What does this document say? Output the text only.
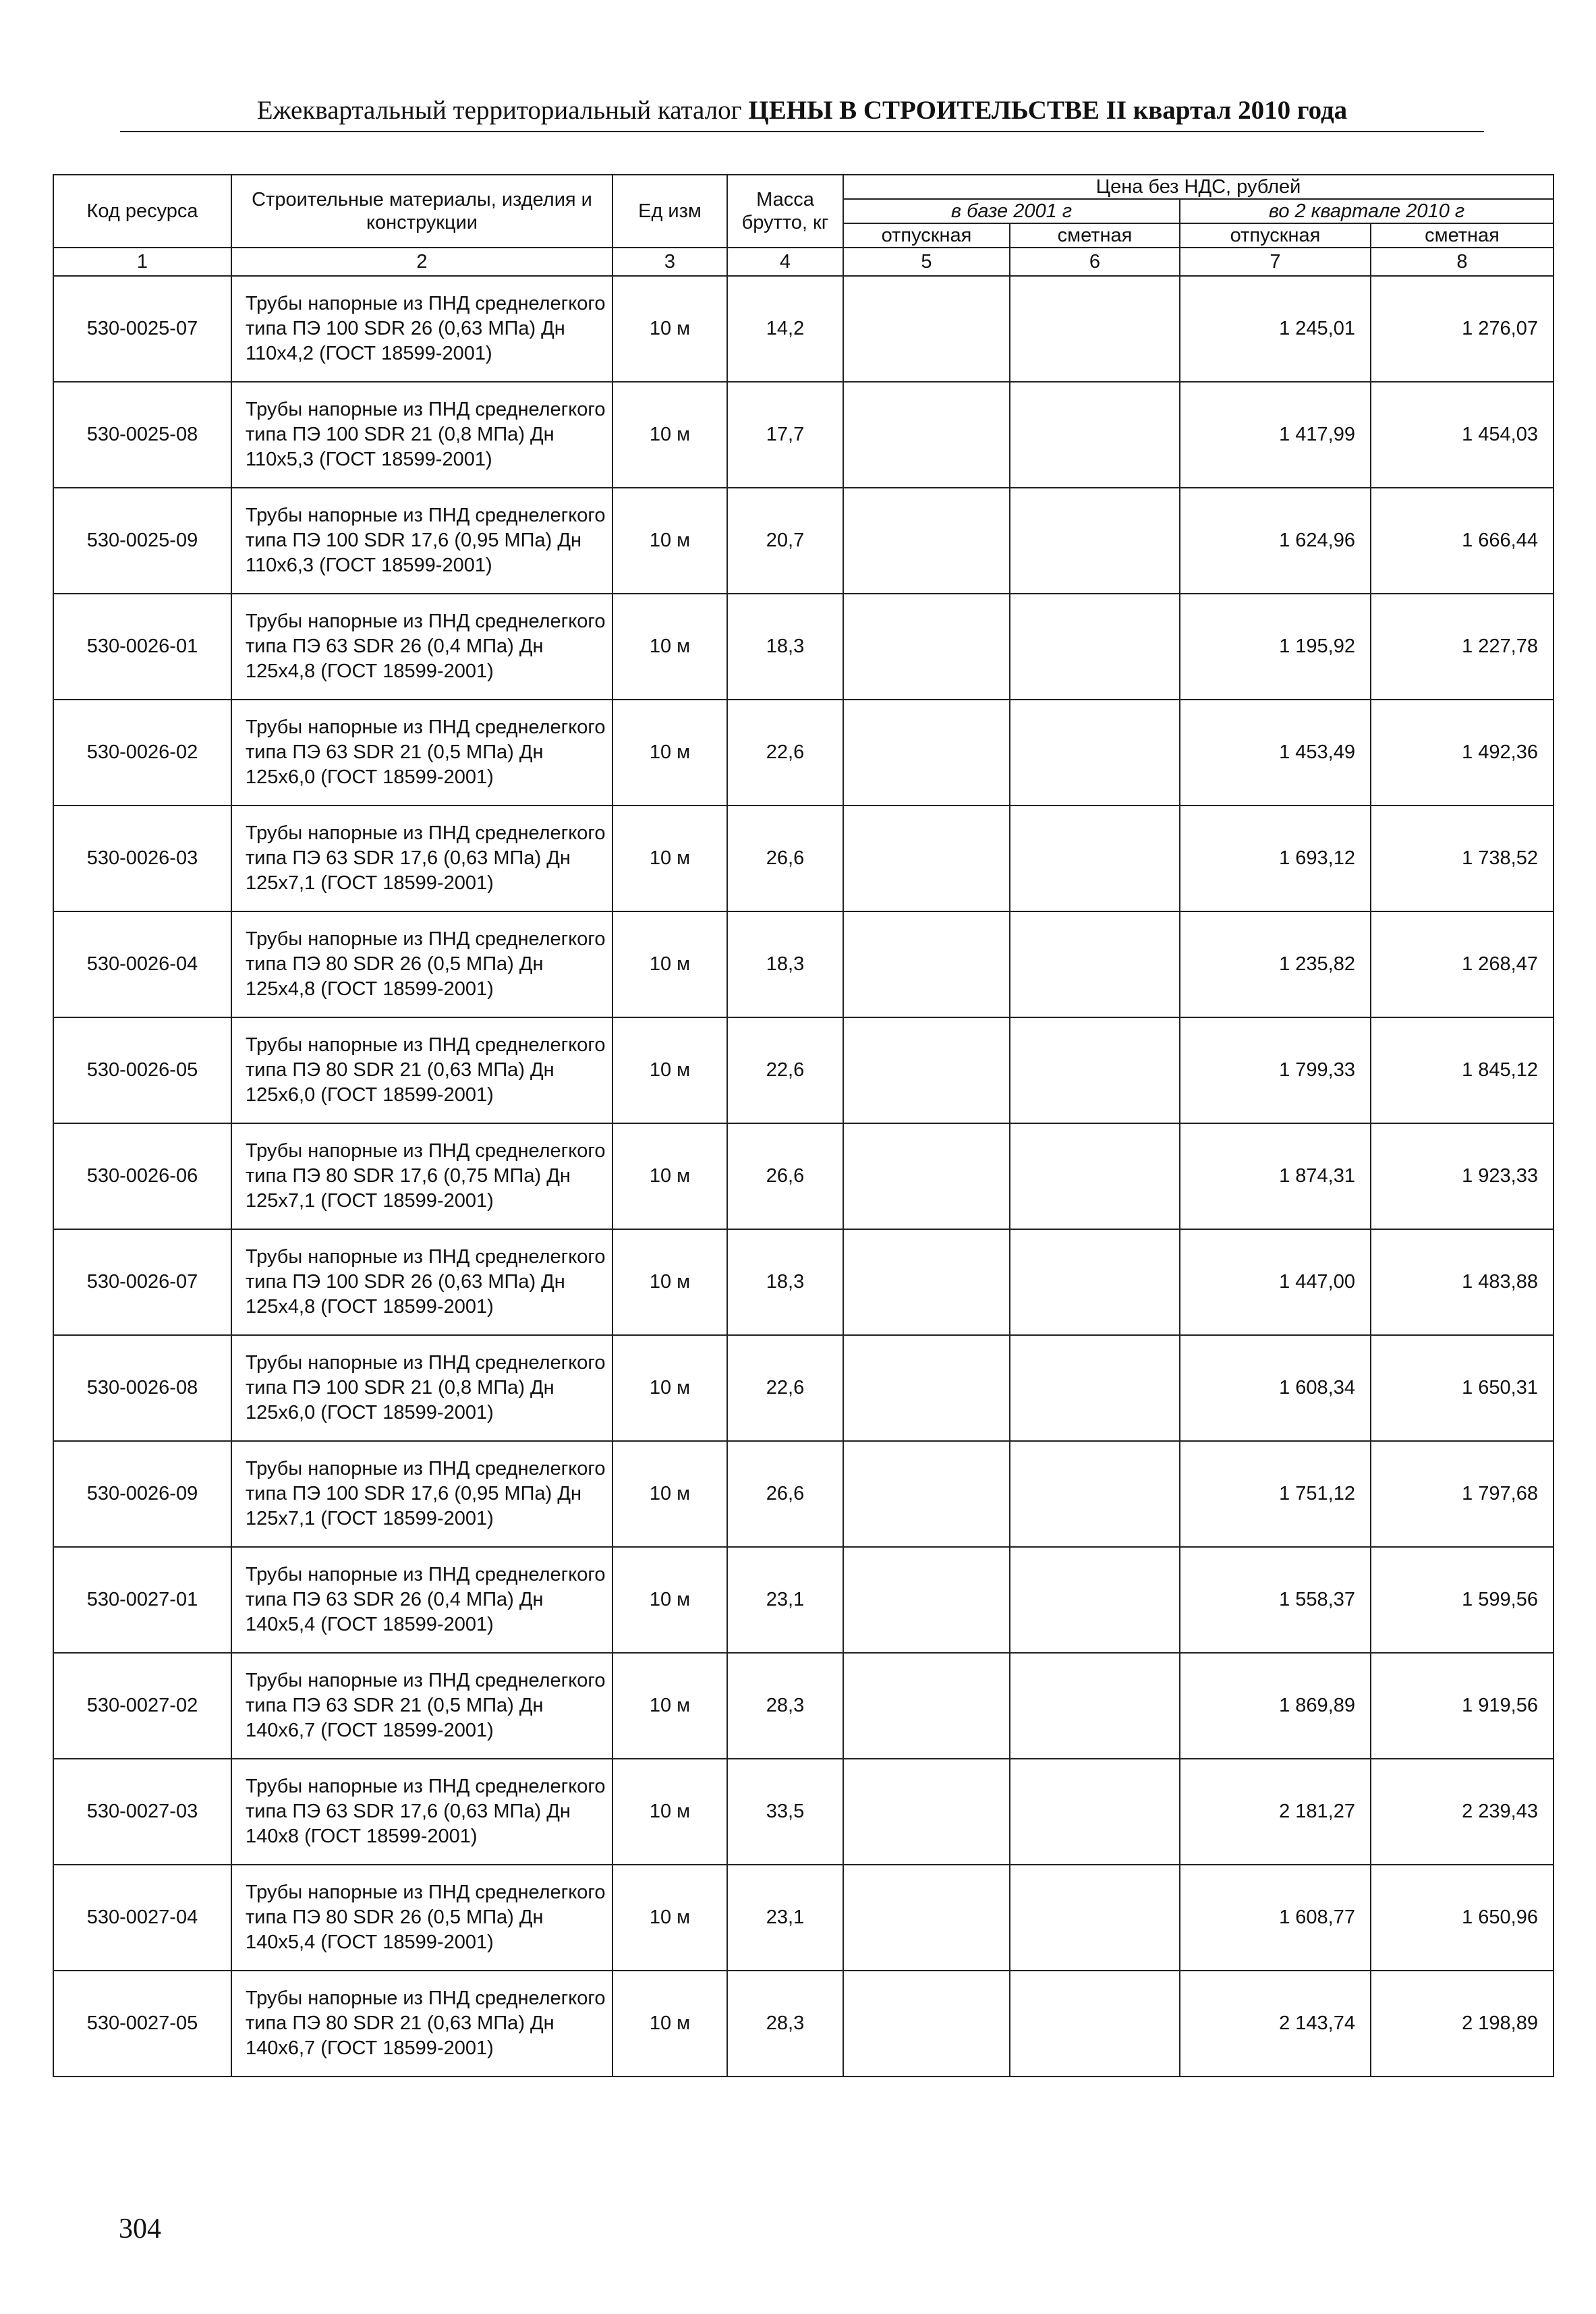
Ежеквартальный территориальный каталог ЦЕНЫ В СТРОИТЕЛЬСТВЕ II квартал 2010 года
Код ресурса	Строительные материалы, изделия и конструкции	Ед изм	Масса брутто, кг	Цена без НДС, рублей			
				в базе 2001 г		во 2 квартале 2010 г	
				отпускная	сметная	отпускная	сметная
1	2	3	4	5	6	7	8
530-0025-07	Трубы напорные из ПНД среднелегкого типа ПЭ 100 SDR 26 (0,63 МПа) Дн 110х4,2 (ГОСТ 18599-2001)	10 м	14,2			1 245,01	1 276,07
530-0025-08	Трубы напорные из ПНД среднелегкого типа ПЭ 100 SDR 21 (0,8 МПа) Дн 110х5,3 (ГОСТ 18599-2001)	10 м	17,7			1 417,99	1 454,03
530-0025-09	Трубы напорные из ПНД среднелегкого типа ПЭ 100 SDR 17,6 (0,95 МПа) Дн 110х6,3 (ГОСТ 18599-2001)	10 м	20,7			1 624,96	1 666,44
530-0026-01	Трубы напорные из ПНД среднелегкого типа ПЭ 63 SDR 26 (0,4 МПа) Дн 125х4,8 (ГОСТ 18599-2001)	10 м	18,3			1 195,92	1 227,78
530-0026-02	Трубы напорные из ПНД среднелегкого типа ПЭ 63 SDR 21 (0,5 МПа) Дн 125х6,0 (ГОСТ 18599-2001)	10 м	22,6			1 453,49	1 492,36
530-0026-03	Трубы напорные из ПНД среднелегкого типа ПЭ 63 SDR 17,6 (0,63 МПа) Дн 125х7,1 (ГОСТ 18599-2001)	10 м	26,6			1 693,12	1 738,52
530-0026-04	Трубы напорные из ПНД среднелегкого типа ПЭ 80 SDR 26 (0,5 МПа) Дн 125х4,8 (ГОСТ 18599-2001)	10 м	18,3			1 235,82	1 268,47
530-0026-05	Трубы напорные из ПНД среднелегкого типа ПЭ 80 SDR 21 (0,63 МПа) Дн 125х6,0 (ГОСТ 18599-2001)	10 м	22,6			1 799,33	1 845,12
530-0026-06	Трубы напорные из ПНД среднелегкого типа ПЭ 80 SDR 17,6 (0,75 МПа) Дн 125х7,1 (ГОСТ 18599-2001)	10 м	26,6			1 874,31	1 923,33
530-0026-07	Трубы напорные из ПНД среднелегкого типа ПЭ 100 SDR 26 (0,63 МПа) Дн 125х4,8 (ГОСТ 18599-2001)	10 м	18,3			1 447,00	1 483,88
530-0026-08	Трубы напорные из ПНД среднелегкого типа ПЭ 100 SDR 21 (0,8 МПа) Дн 125х6,0 (ГОСТ 18599-2001)	10 м	22,6			1 608,34	1 650,31
530-0026-09	Трубы напорные из ПНД среднелегкого типа ПЭ 100 SDR 17,6 (0,95 МПа) Дн 125х7,1 (ГОСТ 18599-2001)	10 м	26,6			1 751,12	1 797,68
530-0027-01	Трубы напорные из ПНД среднелегкого типа ПЭ 63 SDR 26 (0,4 МПа) Дн 140х5,4 (ГОСТ 18599-2001)	10 м	23,1			1 558,37	1 599,56
530-0027-02	Трубы напорные из ПНД среднелегкого типа ПЭ 63 SDR 21 (0,5 МПа) Дн 140х6,7 (ГОСТ 18599-2001)	10 м	28,3			1 869,89	1 919,56
530-0027-03	Трубы напорные из ПНД среднелегкого типа ПЭ 63 SDR 17,6 (0,63 МПа) Дн 140х8 (ГОСТ 18599-2001)	10 м	33,5			2 181,27	2 239,43
530-0027-04	Трубы напорные из ПНД среднелегкого типа ПЭ 80 SDR 26 (0,5 МПа) Дн 140х5,4 (ГОСТ 18599-2001)	10 м	23,1			1 608,77	1 650,96
530-0027-05	Трубы напорные из ПНД среднелегкого типа ПЭ 80 SDR 21 (0,63 МПа) Дн 140х6,7 (ГОСТ 18599-2001)	10 м	28,3			2 143,74	2 198,89
304
